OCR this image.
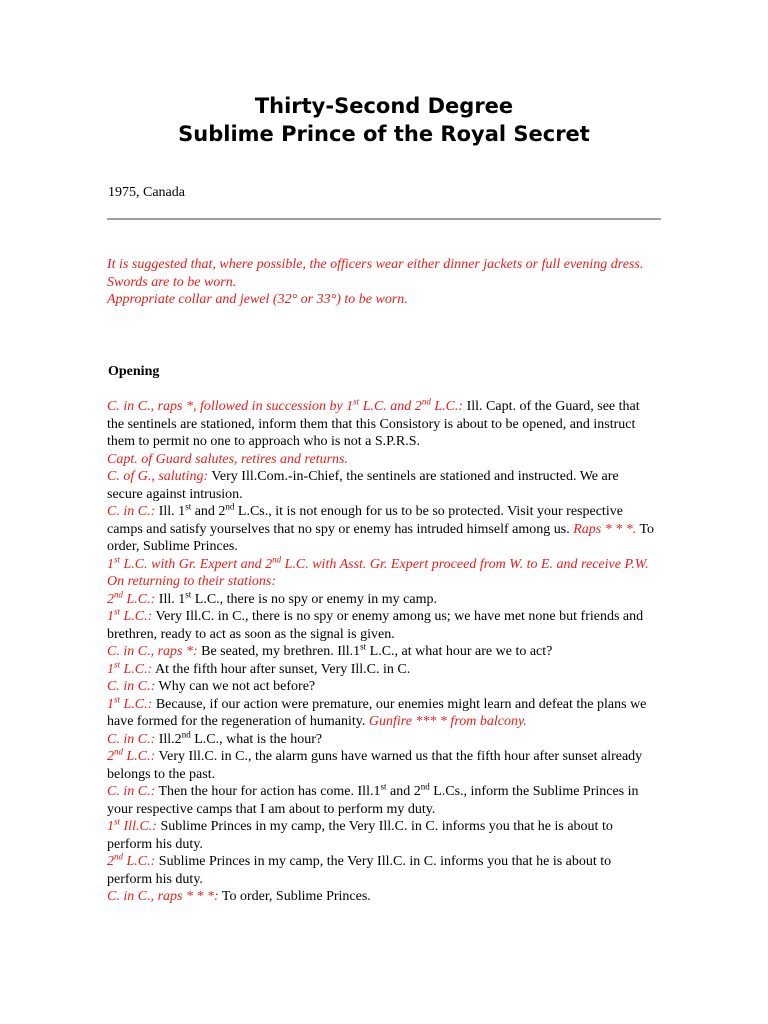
Thirty-Second Degree
Sublime Prince of the Royal Secret
1975, Canada

It is suggested that, where possible, the officers wear either dinner jackets or full evening dress.

Swords are to be worn.

Appropriate collar and jewel (32° or 33°) to be worn.

Opening

C. in C., raps *, followed in succession by 1st L.C. and 2nd L.C.: Ill. Capt. of the Guard, see that the sentinels are stationed, inform them that this Consistory is about to be opened, and instruct them to permit no one to approach who is not a S.P.R.S.

Capt. of Guard salutes, retires and returns.

C. of G., saluting: Very Ill.Com.-in-Chief, the sentinels are stationed and instructed. We are secure against intrusion.

C. in C.: Ill. 1st and 2nd L.Cs., it is not enough for us to be so protected. Visit your respective camps and satisfy yourselves that no spy or enemy has intruded himself among us. Raps * * *. To order, Sublime Princes.

1st L.C. with Gr. Expert and 2nd L.C. with Asst. Gr. Expert proceed from W. to E. and receive P.W. On returning to their stations:

2nd L.C.: Ill. 1st L.C., there is no spy or enemy in my camp.

1st L.C.: Very Ill.C. in C., there is no spy or enemy among us; we have met none but friends and brethren, ready to act as soon as the signal is given.

C. in C., raps *: Be seated, my brethren. Ill.1st L.C., at what hour are we to act?

1st L.C.: At the fifth hour after sunset, Very Ill.C. in C.

C. in C.: Why can we not act before?

1st L.C.: Because, if our action were premature, our enemies might learn and defeat the plans we have formed for the regeneration of humanity. Gunfire *** * from balcony.

C. in C.: Ill.2nd L.C., what is the hour?

2nd L.C.: Very Ill.C. in C., the alarm guns have warned us that the fifth hour after sunset already belongs to the past.

C. in C.: Then the hour for action has come. Ill.1st and 2nd L.Cs., inform the Sublime Princes in your respective camps that I am about to perform my duty.

1st Ill.C.: Sublime Princes in my camp, the Very Ill.C. in C. informs you that he is about to perform his duty.

2nd L.C.: Sublime Princes in my camp, the Very Ill.C. in C. informs you that he is about to perform his duty.

C. in C., raps * * *: To order, Sublime Princes.
